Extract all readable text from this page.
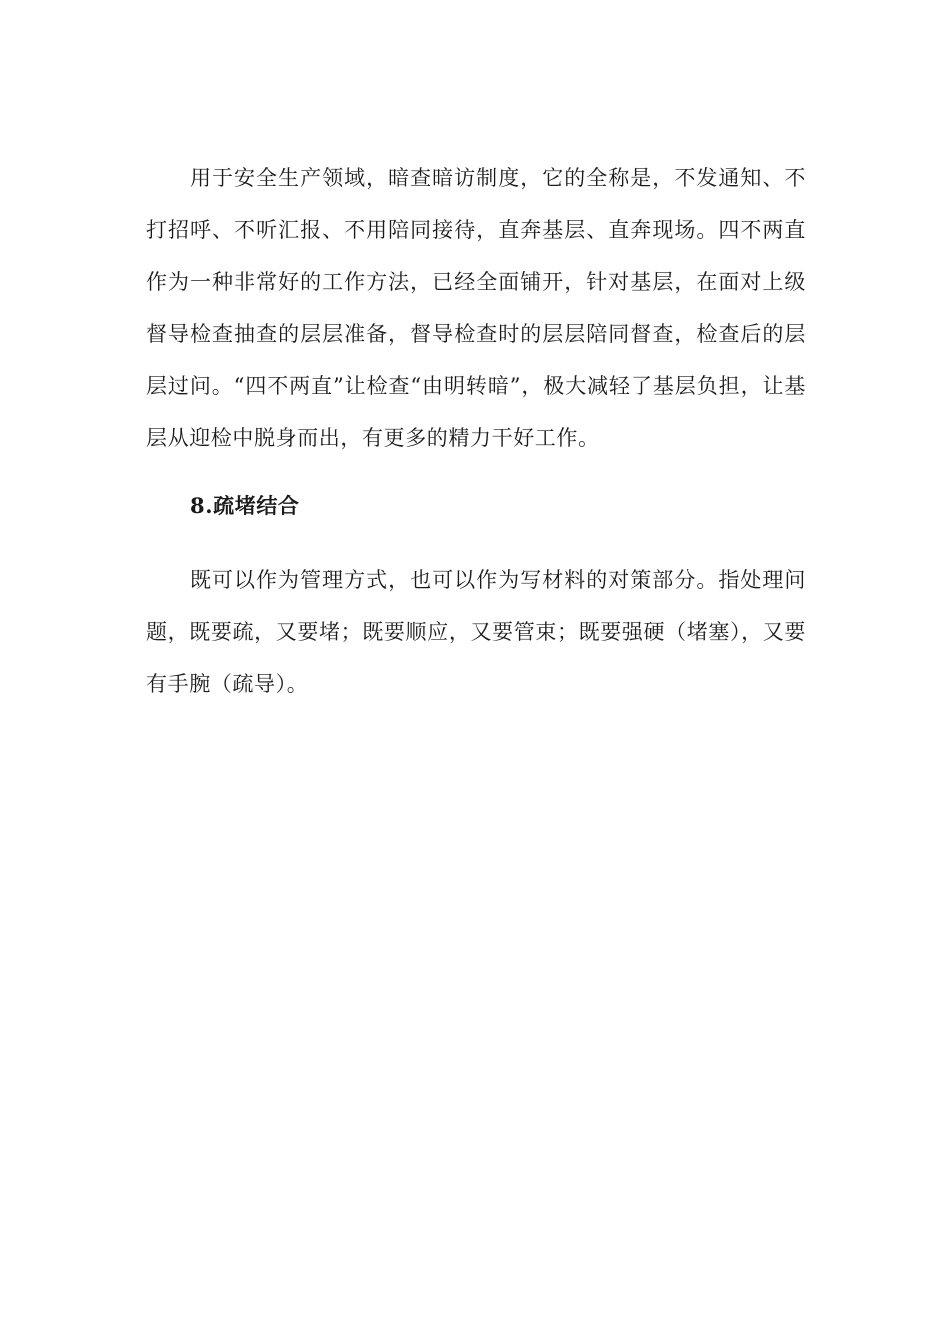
用于安全生产领域，暗查暗访制度，它的全称是，不发通知、不打招呼、不听汇报、不用陪同接待，直奔基层、直奔现场。四不两直作为一种非常好的工作方法，已经全面铺开，针对基层，在面对上级督导检查抽查的层层准备，督导检查时的层层陪同督查，检查后的层层过问。“四不两直”让检查“由明转暗”，极大减轻了基层负担，让基层从迎检中脱身而出，有更多的精力干好工作。

8.疏堵结合

既可以作为管理方式，也可以作为写材料的对策部分。指处理问题，既要疏，又要堵；既要顺应，又要管束；既要强硬（堵塞），又要有手腕（疏导）。
